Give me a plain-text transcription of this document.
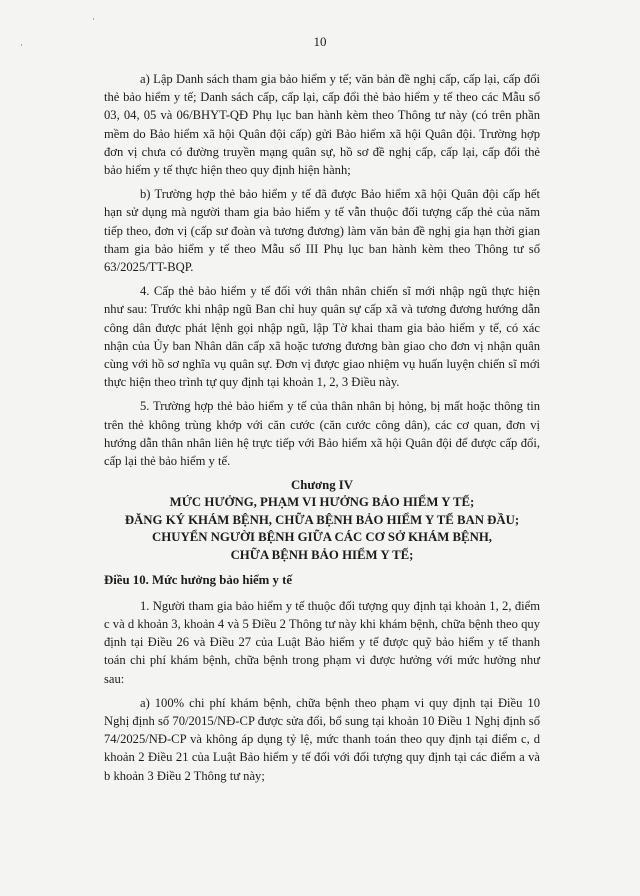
·
·
10

a) Lập Danh sách tham gia bảo hiểm y tế; văn bản đề nghị cấp, cấp lại, cấp đổi thẻ bảo hiểm y tế; Danh sách cấp, cấp lại, cấp đổi thẻ bảo hiểm y tế theo các Mẫu số 03, 04, 05 và 06/BHYT-QĐ Phụ lục ban hành kèm theo Thông tư này (có trên phần mềm do Bảo hiểm xã hội Quân đội cấp) gửi Bảo hiểm xã hội Quân đội. Trường hợp đơn vị chưa có đường truyền mạng quân sự, hồ sơ đề nghị cấp, cấp lại, cấp đổi thẻ bảo hiểm y tế thực hiện theo quy định hiện hành;

b) Trường hợp thẻ bảo hiểm y tế đã được Bảo hiểm xã hội Quân đội cấp hết hạn sử dụng mà người tham gia bảo hiểm y tế vẫn thuộc đối tượng cấp thẻ của năm tiếp theo, đơn vị (cấp sư đoàn và tương đương) làm văn bản đề nghị gia hạn thời gian tham gia bảo hiểm y tế theo Mẫu số III Phụ lục ban hành kèm theo Thông tư số 63/2025/TT-BQP.

4. Cấp thẻ bảo hiểm y tế đối với thân nhân chiến sĩ mới nhập ngũ thực hiện như sau: Trước khi nhập ngũ Ban chỉ huy quân sự cấp xã và tương đương hướng dẫn công dân được phát lệnh gọi nhập ngũ, lập Tờ khai tham gia bảo hiểm y tế, có xác nhận của Ủy ban Nhân dân cấp xã hoặc tương đương bàn giao cho đơn vị nhận quân cùng với hồ sơ nghĩa vụ quân sự. Đơn vị được giao nhiệm vụ huấn luyện chiến sĩ mới thực hiện theo trình tự quy định tại khoản 1, 2, 3 Điều này.

5. Trường hợp thẻ bảo hiểm y tế của thân nhân bị hỏng, bị mất hoặc thông tin trên thẻ không trùng khớp với căn cước (căn cước công dân), các cơ quan, đơn vị hướng dẫn thân nhân liên hệ trực tiếp với Bảo hiểm xã hội Quân đội để được cấp đổi, cấp lại thẻ bảo hiểm y tế.

Chương IV
MỨC HƯỞNG, PHẠM VI HƯỞNG BẢO HIỂM Y TẾ;
ĐĂNG KÝ KHÁM BỆNH, CHỮA BỆNH BẢO HIỂM Y TẾ BAN ĐẦU;
CHUYỂN NGƯỜI BỆNH GIỮA CÁC CƠ SỞ KHÁM BỆNH,
CHỮA BỆNH BẢO HIỂM Y TẾ;
Điều 10. Mức hưởng bảo hiểm y tế

1. Người tham gia bảo hiểm y tế thuộc đối tượng quy định tại khoản 1, 2, điểm c và d khoản 3, khoản 4 và 5 Điều 2 Thông tư này khi khám bệnh, chữa bệnh theo quy định tại Điều 26 và Điều 27 của Luật Bảo hiểm y tế được quỹ bảo hiểm y tế thanh toán chi phí khám bệnh, chữa bệnh trong phạm vi được hưởng với mức hưởng như sau:

a) 100% chi phí khám bệnh, chữa bệnh theo phạm vi quy định tại Điều 10 Nghị định số 70/2015/NĐ-CP được sửa đổi, bổ sung tại khoản 10 Điều 1 Nghị định số 74/2025/NĐ-CP và không áp dụng tỷ lệ, mức thanh toán theo quy định tại điểm c, d khoản 2 Điều 21 của Luật Bảo hiểm y tế đối với đối tượng quy định tại các điểm a và b khoản 3 Điều 2 Thông tư này;
